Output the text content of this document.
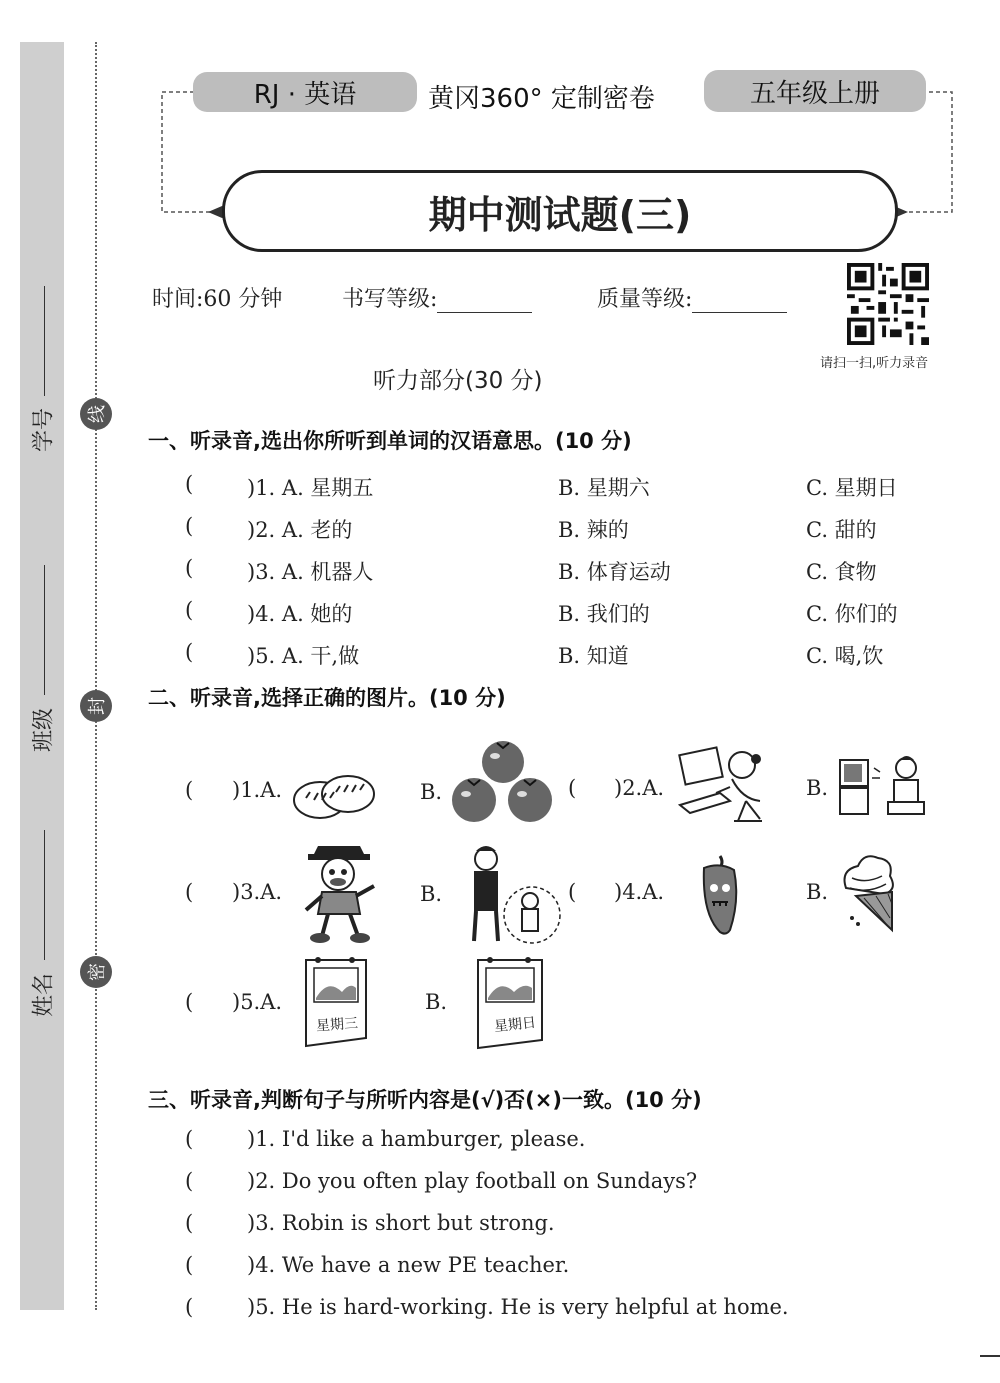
学号
班级
姓名
线
封
密
RJ · 英语	黄冈360° 定制密卷	五年级上册
期中测试题(三)
时间:60 分钟	书写等级:	质量等级:
请扫一扫,听力录音
听力部分(30 分)
一、听录音,选出你所听到单词的汉语意思。(10 分)
(	)1. A. 星期五	B. 星期六	C. 星期日
(	)2. A. 老的	B. 辣的	C. 甜的
(	)3. A. 机器人	B. 体育运动	C. 食物
(	)4. A. 她的	B. 我们的	C. 你们的
(	)5. A. 干,做	B. 知道	C. 喝,饮
二、听录音,选择正确的图片。(10 分)
( )1.A.	B.	( )2.A.	B.
( )3.A.	B.	( )4.A.	B.
( )5.A.
星期三
B.
星期日
三、听录音,判断句子与所听内容是(√)否(×)一致。(10 分)
(	)1. I'd like a hamburger, please.
(	)2. Do you often play football on Sundays?
(	)3. Robin is short but strong.
(	)4. We have a new PE teacher.
(	)5. He is hard-working. He is very helpful at home.
